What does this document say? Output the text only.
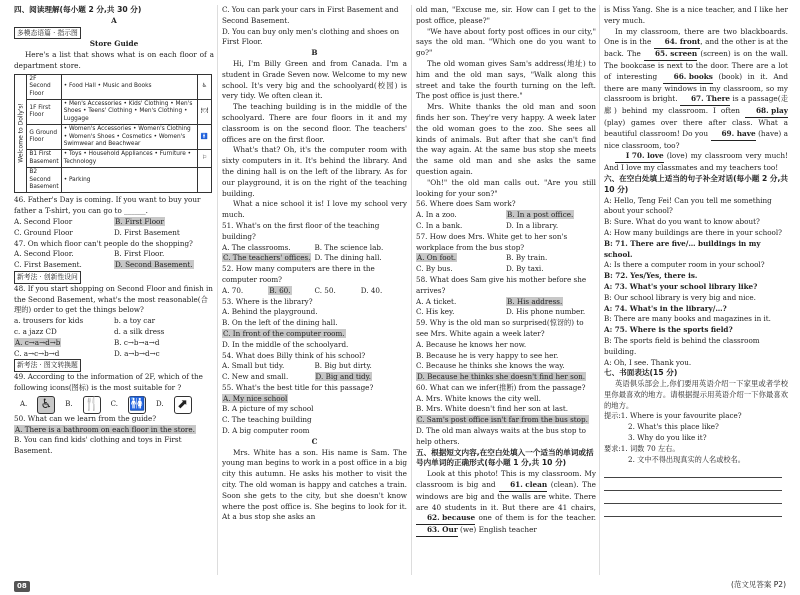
四、阅读理解(每小题 2 分,共 30 分)
A
多模态语篇 · 指示图
Store Guide

Here's a list that shows what is on each floor of a department store.

Welcome to Dolly's!	2F Second Floor	• Food Hall • Music and Books	♿
	1F First Floor	• Men's Accessories • Kids' Clothing • Men's Shoes • Teens' Clothing • Men's Clothing • Luggage	🍽
	G Ground Floor	• Women's Accessories • Women's Clothing • Women's Shoes • Cosmetics • Women's Swimwear and Beachwear	🚹
	B1 First Basement	• Toys • Household Appliances • Furniture • Technology	⚐
	B2 Second Basement	• Parking	

46. Father's Day is coming. If you want to buy your father a T-shirt, you can go to ______.

A. Second Floor	B. First Floor
C. Ground Floor	D. First Basement

47. On which floor can't people do the shopping?

A. Second Floor.	B. First Floor.
C. First Basement.	D. Second Basement.
新考法 · 创新性设问

48. If you start shopping on Second Floor and finish in the Second Basement, what's the most reasonable(合理的) order to get the things below?

a. trousers for kids	b. a toy car
c. a jazz CD	d. a silk dress
A. c→a→d→b	B. c→b→a→d
C. a→c→b→d	D. a→b→d→c
新考法 · 图文转换题

49. According to the information of 2F, which of the following icons(图标) is the most suitable for ?

A. ♿	B. 🍴 C. 🚻 D. ⬈

50. What can we learn from the guide?

A. There is a bathroom on each floor in the store.

B. You can find kids' clothing and toys in First Basement.

C. You can park your cars in First Basement and Second Basement.

D. You can buy only men's clothing and shoes on First Floor.

B

Hi, I'm Billy Green and from Canada. I'm a student in Grade Seven now. Welcome to my new school. It's very big and the schoolyard(校园) is very tidy. We often clean it.

The teaching building is in the middle of the schoolyard. There are four floors in it and my classroom is on the second floor. The teachers' offices are on the first floor.

What's that? Oh, it's the computer room with sixty computers in it. It's behind the library. And the dining hall is on the left of the library. As for our playground, it is on the right of the teaching building.

What a nice school it is! I love my school very much.

51. What's on the first floor of the teaching building?

A. The classrooms.	B. The science lab.
C. The teachers' offices. D. The dining hall.

52. How many computers are there in the computer room?

A. 70.	B. 60.	C. 50.	D. 40.

53. Where is the library?

A. Behind the playground.

B. On the left of the dining hall.

C. In front of the computer room.

D. In the middle of the schoolyard.

54. What does Billy think of his school?

A. Small but tidy.	B. Big but dirty.
C. New and small.	D. Big and tidy.

55. What's the best title for this passage?

A. My nice school

B. A picture of my school

C. The teaching building

D. A big computer room

C

Mrs. White has a son. His name is Sam. The young man begins to work in a post office in a big city this autumn. He asks his mother to visit the city. The old woman is happy and catches a train. Soon she gets to the city, but she doesn't know where the post office is. She begins to look for it. At a bus stop she asks an

old man, "Excuse me, sir. How can I get to the post office, please?"

"We have about forty post offices in our city," says the old man. "Which one do you want to go?"

The old woman gives Sam's address(地址) to him and the old man says, "Walk along this street and take the fourth turning on the left. The post office is just there."

Mrs. White thanks the old man and soon finds her son. They're very happy. A week later the old woman goes to the zoo. She sees all kinds of animals. But after that she can't find the way again. At the same bus stop she meets the same old man and she asks the same question again.

"Oh!" the old man calls out. "Are you still looking for your son?"

56. Where does Sam work?

A. In a zoo.	B. In a post office.
C. In a bank.	D. In a library.

57. How does Mrs. White get to her son's workplace from the bus stop?

A. On foot.	B. By train.
C. By bus.	D. By taxi.

58. What does Sam give his mother before she arrives?

A. A ticket.	B. His address.
C. His key.	D. His phone number.

59. Why is the old man so surprised(惊讶的) to see Mrs. White again a week later?

A. Because he knows her now.

B. Because he is very happy to see her.

C. Because he thinks she knows the way.

D. Because he thinks she doesn't find her son.

60. What can we infer(推断) from the passage?

A. Mrs. White knows the city well.

B. Mrs. White doesn't find her son at last.

C. Sam's post office isn't far from the bus stop.

D. The old man always waits at the bus stop to help others.

五、根据短文内容,在空白处填入一个适当的单词或括号内单词的正确形式(每小题 1 分,共 10 分)

Look at this photo! This is my classroom. My classroom is big and 61. clean (clean). The windows are big and the walls are white. There are 40 students in it. But there are 41 chairs, 62. because one of them is for the teacher. 63. Our (we) English teacher

is Miss Yang. She is a nice teacher, and I like her very much.

In my classroom, there are two blackboards. One is in the 64. front, and the other is at the back. The 65. screen (screen) is on the wall. The bookcase is next to the door. There are a lot of interesting 66. books (book) in it. And there are many windows in my classroom, so my classroom is bright. 67. There is a passage(走廊) behind my classroom. I often 68. play (play) games over there after class. What a beautiful classroom! Do you 69. have (have) a nice classroom, too?

I 70. love (love) my classroom very much! And I love my classmates and my teachers too!

六、在空白处填上适当的句子补全对话(每小题 2 分,共 10 分)

A: Hello, Teng Fei! Can you tell me something about your school?

B: Sure. What do you want to know about?

A: How many buildings are there in your school?

B: 71. There are five/… buildings in my school.

A: Is there a computer room in your school?

B: 72. Yes/Yes, there is.

A: 73. What's your school library like?

B: Our school library is very big and nice.

A: 74. What's in the library/…?

B: There are many books and magazines in it.

A: 75. Where is the sports field?

B: The sports field is behind the classroom building.

A: Oh, I see. Thank you.

七、书面表达(15 分)

英语俱乐部会上,你们要用英语介绍一下家里或者学校里你最喜欢的地方。请根据提示用英语介绍一下你最喜欢的地方。

提示:1. Where is your favourite place?

2. What's this place like?

3. Why do you like it?

要求:1. 词数 70 左右。

2. 文中不得出现真实的人名或校名。

08	(范文见答案 P2)
